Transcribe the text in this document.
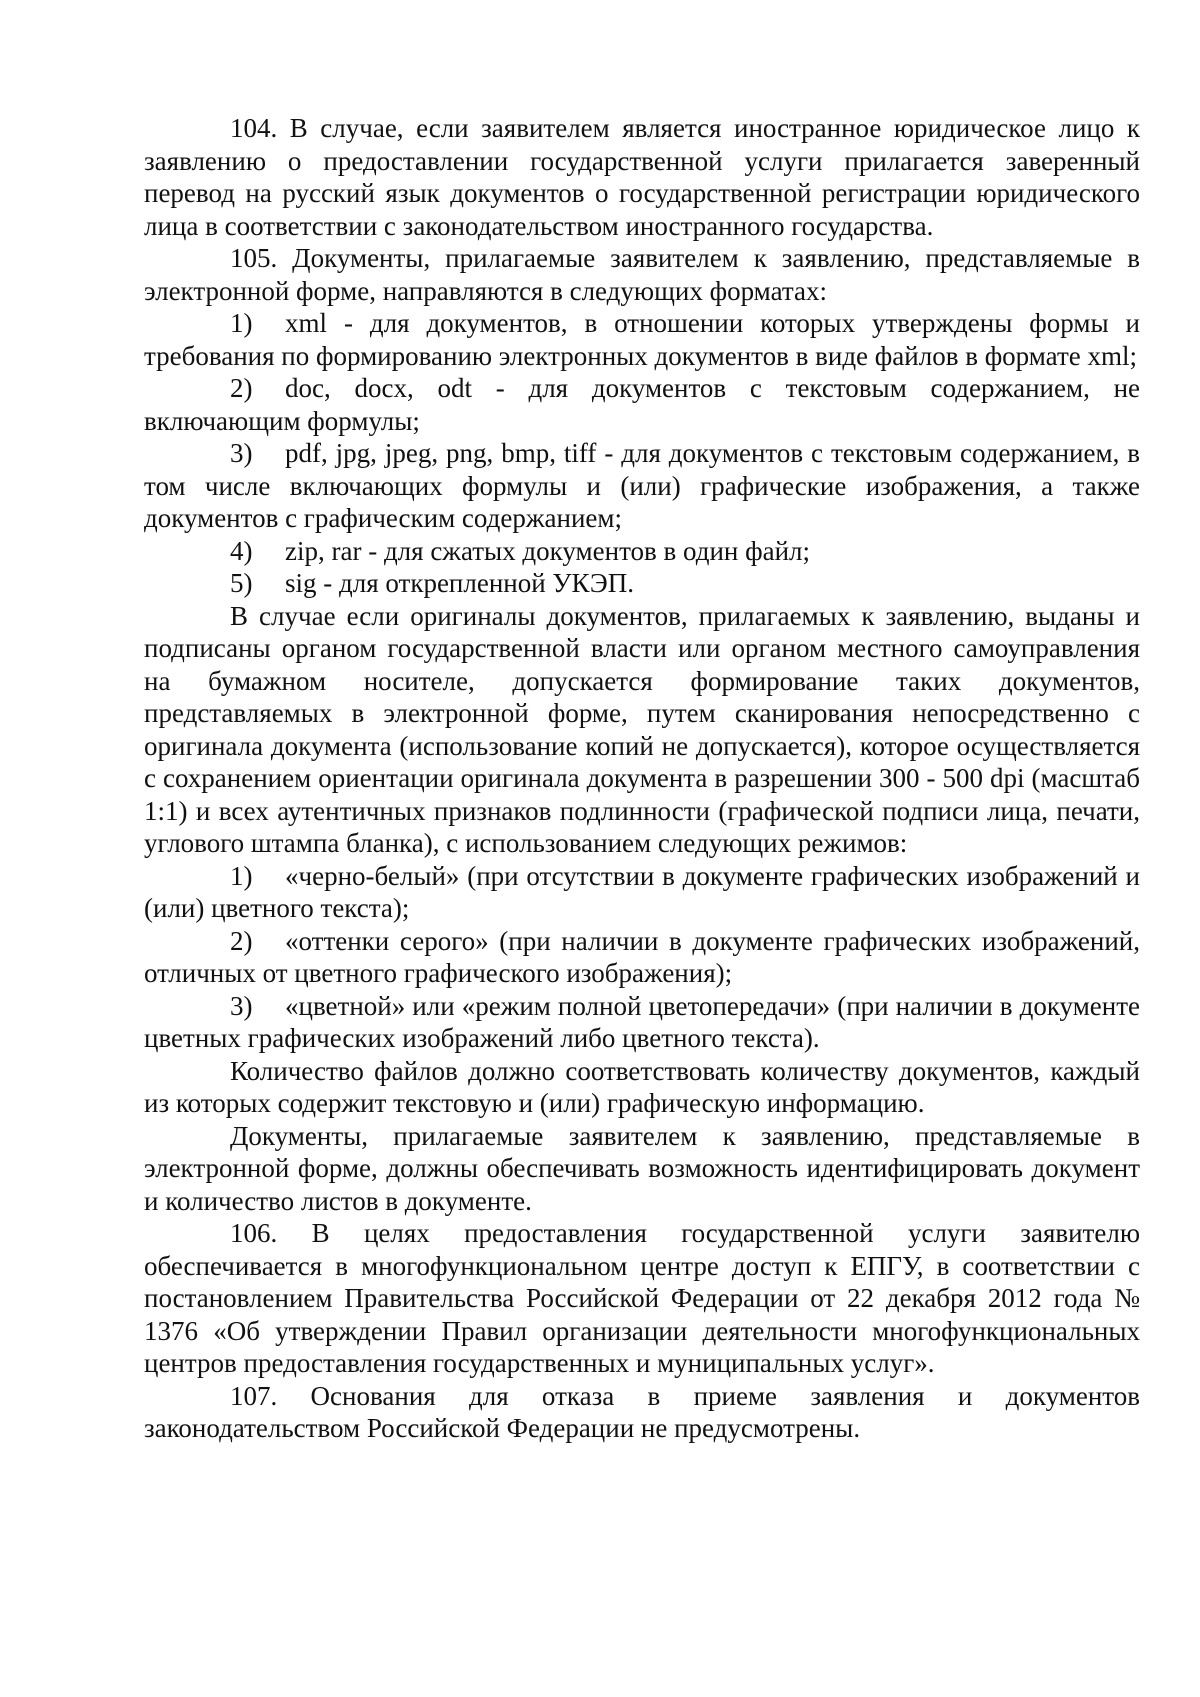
104. В случае, если заявителем является иностранное юридическое лицо к заявлению о предоставлении государственной услуги прилагается заверенный перевод на русский язык документов о государственной регистрации юридического лица в соответствии с законодательством иностранного государства.

105. Документы, прилагаемые заявителем к заявлению, представляемые в электронной форме, направляются в следующих форматах:

1) xml - для документов, в отношении которых утверждены формы и требования по формированию электронных документов в виде файлов в формате xml;

2) doc, docx, odt - для документов с текстовым содержанием, не включающим формулы;

3) pdf, jpg, jpeg, png, bmp, tiff - для документов с текстовым содержанием, в том числе включающих формулы и (или) графические изображения, а также документов с графическим содержанием;

4) zip, rar - для сжатых документов в один файл;

5) sig - для открепленной УКЭП.

В случае если оригиналы документов, прилагаемых к заявлению, выданы и подписаны органом государственной власти или органом местного самоуправления на бумажном носителе, допускается формирование таких документов, представляемых в электронной форме, путем сканирования непосредственно с оригинала документа (использование копий не допускается), которое осуществляется с сохранением ориентации оригинала документа в разрешении 300 - 500 dpi (масштаб 1:1) и всех аутентичных признаков подлинности (графической подписи лица, печати, углового штампа бланка), с использованием следующих режимов:

1) «черно-белый» (при отсутствии в документе графических изображений и (или) цветного текста);

2) «оттенки серого» (при наличии в документе графических изображений, отличных от цветного графического изображения);

3) «цветной» или «режим полной цветопередачи» (при наличии в документе цветных графических изображений либо цветного текста).

Количество файлов должно соответствовать количеству документов, каждый из которых содержит текстовую и (или) графическую информацию.

Документы, прилагаемые заявителем к заявлению, представляемые в электронной форме, должны обеспечивать возможность идентифицировать документ и количество листов в документе.

106. В целях предоставления государственной услуги заявителю обеспечивается в многофункциональном центре доступ к ЕПГУ, в соответствии с постановлением Правительства Российской Федерации от 22 декабря 2012 года № 1376 «Об утверждении Правил организации деятельности многофункциональных центров предоставления государственных и муниципальных услуг».

107. Основания для отказа в приеме заявления и документов законодательством Российской Федерации не предусмотрены.
